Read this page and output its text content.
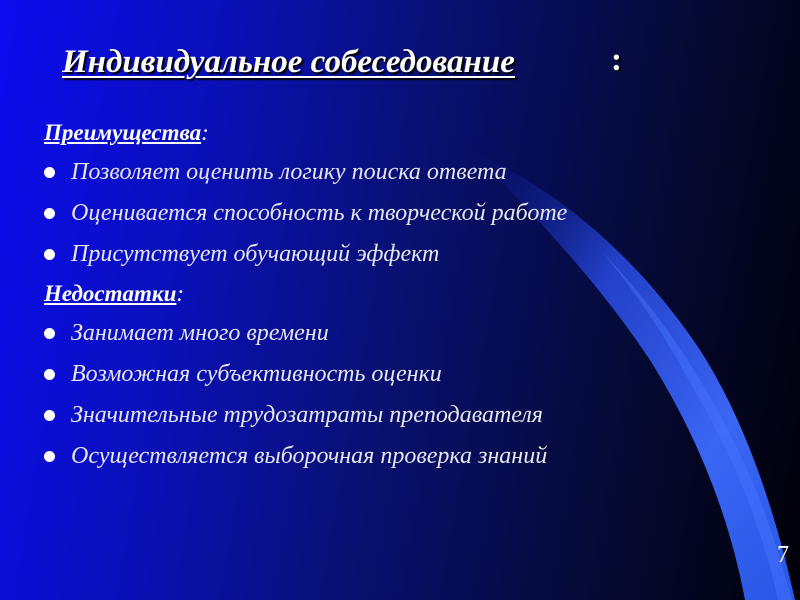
Индивидуальное собеседование	:
Преимущества:
Позволяет оценить логику поиска ответа
Оценивается способность к творческой работе
Присутствует обучающий эффект
Недостатки:
Занимает много времени
Возможная субъективность оценки
Значительные трудозатраты преподавателя
Осуществляется выборочная проверка знаний
7
